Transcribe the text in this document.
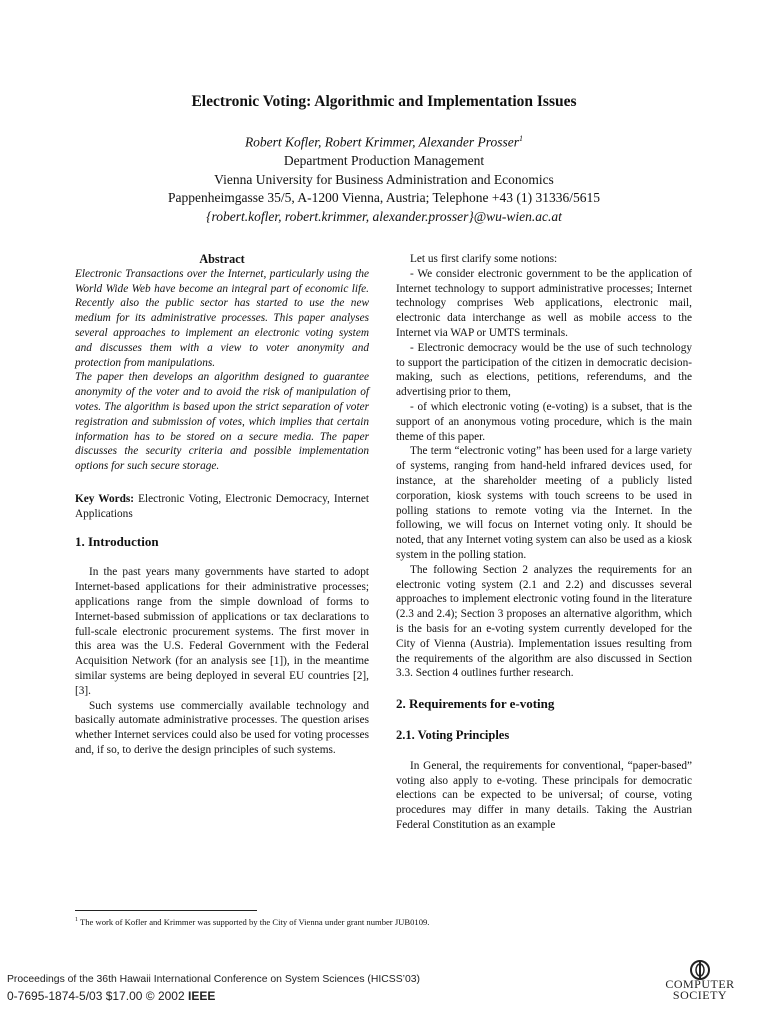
Electronic Voting: Algorithmic and Implementation Issues
Robert Kofler, Robert Krimmer, Alexander Prosser$^1$
Department Production Management
Vienna University for Business Administration and Economics
Pappenheimgasse 35/5, A-1200 Vienna, Austria; Telephone +43 (1) 31336/5615
{robert.kofler, robert.krimmer, alexander.prosser}@wu-wien.ac.at
Abstract

Electronic Transactions over the Internet, particularly using the World Wide Web have become an integral part of economic life. Recently also the public sector has started to use the new medium for its administrative processes. This paper analyses several approaches to implement an electronic voting system and discusses them with a view to voter anonymity and protection from manipulations.

The paper then develops an algorithm designed to guarantee anonymity of the voter and to avoid the risk of manipulation of votes. The algorithm is based upon the strict separation of voter registration and submission of votes, which implies that certain information has to be stored on a secure media. The paper discusses the security criteria and possible implementation options for such secure storage.

Key Words: Electronic Voting, Electronic Democracy, Internet Applications

1. Introduction

In the past years many governments have started to adopt Internet-based applications for their administrative processes; applications range from the simple download of forms to Internet-based submission of applications or tax declarations to full-scale electronic procurement systems. The first mover in this area was the U.S. Federal Government with the Federal Acquisition Network (for an analysis see [1]), in the meantime similar systems are being deployed in several EU countries [2], [3].

Such systems use commercially available technology and basically automate administrative processes. The question arises whether Internet services could also be used for voting processes and, if so, to derive the design principles of such systems.

Let us first clarify some notions:

- We consider electronic government to be the application of Internet technology to support administrative processes; Internet technology comprises Web applications, electronic mail, electronic data interchange as well as mobile access to the Internet via WAP or UMTS terminals.

- Electronic democracy would be the use of such technology to support the participation of the citizen in democratic decision-making, such as elections, petitions, referendums, and the advertising prior to them,

- of which electronic voting (e-voting) is a subset, that is the support of an anonymous voting procedure, which is the main theme of this paper.

The term “electronic voting” has been used for a large variety of systems, ranging from hand-held infrared devices used, for instance, at the shareholder meeting of a publicly listed corporation, kiosk systems with touch screens to be used in polling stations to remote voting via the Internet. In the following, we will focus on Internet voting only. It should be noted, that any Internet voting system can also be used as a kiosk system in the polling station.

The following Section 2 analyzes the requirements for an electronic voting system (2.1 and 2.2) and discusses several approaches to implement electronic voting found in the literature (2.3 and 2.4); Section 3 proposes an alternative algorithm, which is the basis for an e-voting system currently developed for the City of Vienna (Austria). Implementation issues resulting from the requirements of the algorithm are also discussed in Section 3.3. Section 4 outlines further research.

2. Requirements for e-voting
2.1. Voting Principles

In General, the requirements for conventional, “paper-based” voting also apply to e-voting. These principals for democratic elections can be expected to be universal; of course, voting procedures may differ in many details. Taking the Austrian Federal Constitution as an example

$^1$ The work of Kofler and Krimmer was supported by the City of Vienna under grant number JUB0109.
Proceedings of the 36th Hawaii International Conference on System Sciences (HICSS’03)
0-7695-1874-5/03 $17.00 © 2002 IEEE
COMPUTER
SOCIETY
